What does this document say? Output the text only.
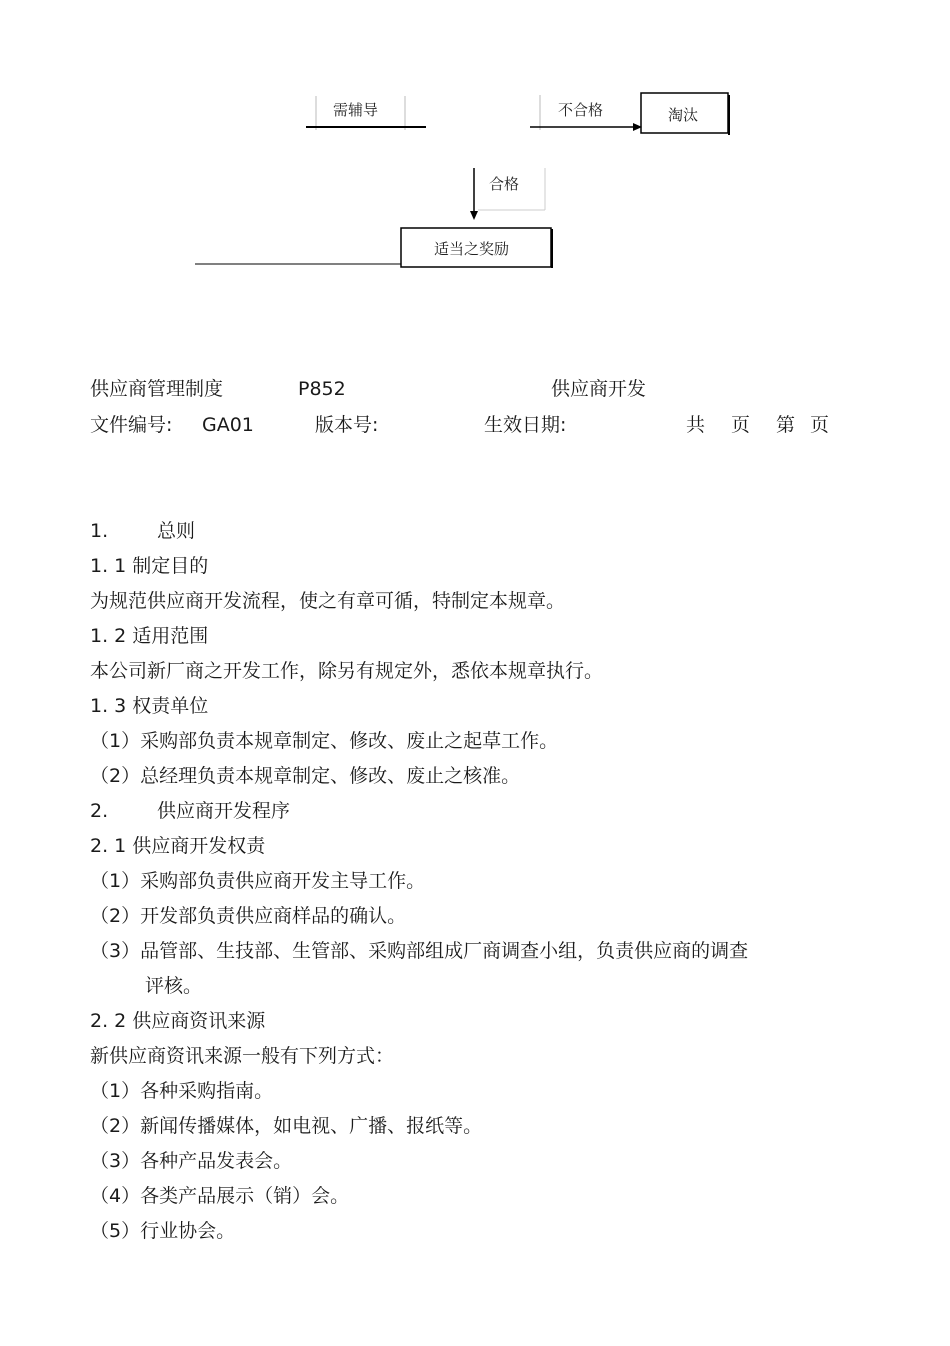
需辅导	不合格	淘汰
合格
适当之奖励
供应商管理制度	P852	供应商开发
文件编号: GA01	版本号:	生效日期:	共 页 第 页
1.	总则
1. 1 制定目的
为规范供应商开发流程，使之有章可循，特制定本规章。
1. 2 适用范围
本公司新厂商之开发工作，除另有规定外，悉依本规章执行。
1. 3 权责单位
（1）采购部负责本规章制定、修改、废止之起草工作。
（2）总经理负责本规章制定、修改、废止之核准。
2.	供应商开发程序
2. 1 供应商开发权责
（1）采购部负责供应商开发主导工作。
（2）开发部负责供应商样品的确认。
（3）品管部、生技部、生管部、采购部组成厂商调查小组，负责供应商的调查
评核。
2. 2 供应商资讯来源
新供应商资讯来源一般有下列方式：
（1）各种采购指南。
（2）新闻传播媒体，如电视、广播、报纸等。
（3）各种产品发表会。
（4）各类产品展示（销）会。
（5）行业协会。
